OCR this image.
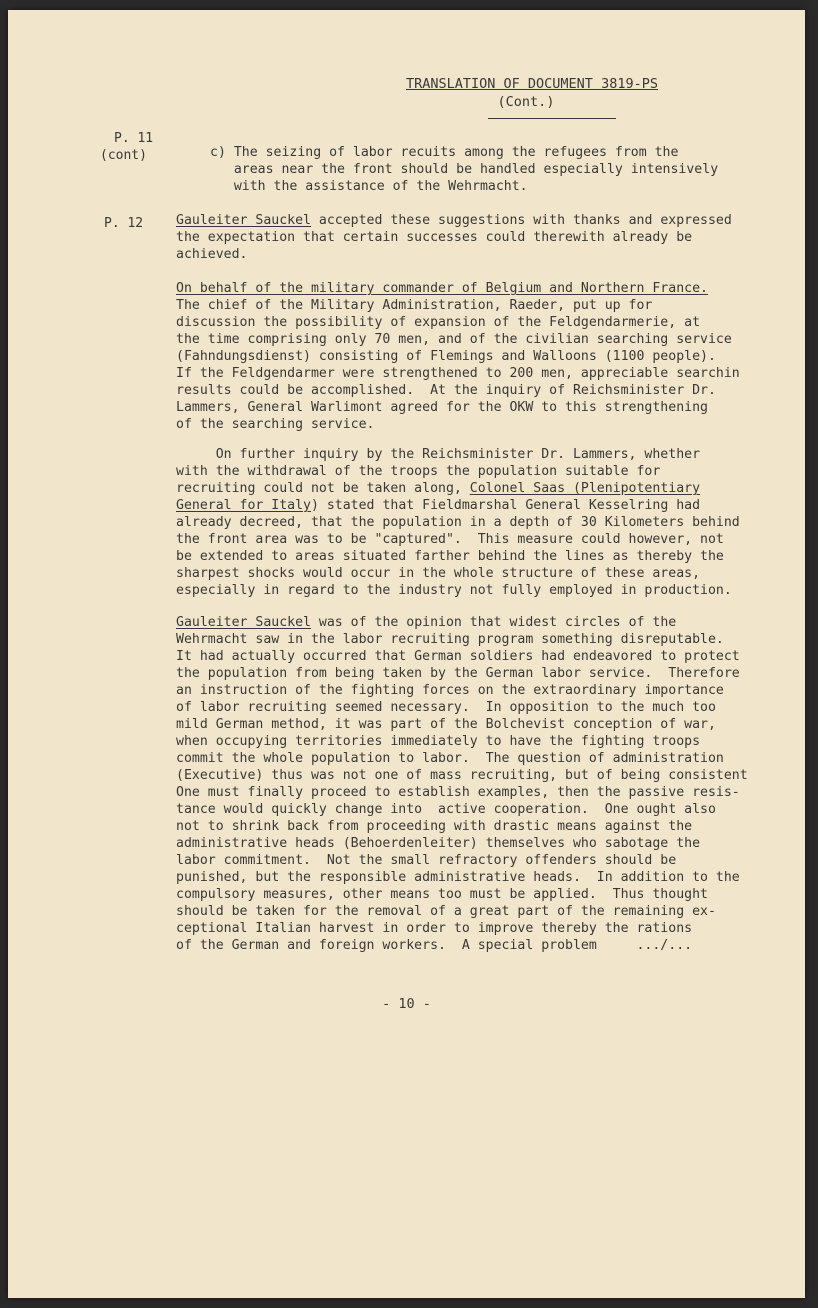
TRANSLATION OF DOCUMENT 3819-PS
(Cont.)
P. 11
(cont)
P. 12
c) The seizing of labor recuits among the refugees from the
areas near the front should be handled especially intensively
with the assistance of the Wehrmacht.
Gauleiter Sauckel accepted these suggestions with thanks and expressed
the expectation that certain successes could therewith already be
achieved.
On behalf of the military commander of Belgium and Northern France.
The chief of the Military Administration, Raeder, put up for
discussion the possibility of expansion of the Feldgendarmerie, at
the time comprising only 70 men, and of the civilian searching service
(Fahndungsdienst) consisting of Flemings and Walloons (1100 people).
If the Feldgendarmer were strengthened to 200 men, appreciable searchin
results could be accomplished.  At the inquiry of Reichsminister Dr.
Lammers, General Warlimont agreed for the OKW to this strengthening
of the searching service.
On further inquiry by the Reichsminister Dr. Lammers, whether
with the withdrawal of the troops the population suitable for
recruiting could not be taken along, Colonel Saas (Plenipotentiary
General for Italy) stated that Fieldmarshal General Kesselring had
already decreed, that the population in a depth of 30 Kilometers behind
the front area was to be "captured".  This measure could however, not
be extended to areas situated farther behind the lines as thereby the
sharpest shocks would occur in the whole structure of these areas,
especially in regard to the industry not fully employed in production.
Gauleiter Sauckel was of the opinion that widest circles of the
Wehrmacht saw in the labor recruiting program something disreputable.
It had actually occurred that German soldiers had endeavored to protect
the population from being taken by the German labor service.  Therefore
an instruction of the fighting forces on the extraordinary importance
of labor recruiting seemed necessary.  In opposition to the much too
mild German method, it was part of the Bolchevist conception of war,
when occupying territories immediately to have the fighting troops
commit the whole population to labor.  The question of administration
(Executive) thus was not one of mass recruiting, but of being consistent
One must finally proceed to establish examples, then the passive resis-
tance would quickly change into  active cooperation.  One ought also
not to shrink back from proceeding with drastic means against the
administrative heads (Behoerdenleiter) themselves who sabotage the
labor commitment.  Not the small refractory offenders should be
punished, but the responsible administrative heads.  In addition to the
compulsory measures, other means too must be applied.  Thus thought
should be taken for the removal of a great part of the remaining ex-
ceptional Italian harvest in order to improve thereby the rations
of the German and foreign workers.  A special problem     .../...
- 10 -
